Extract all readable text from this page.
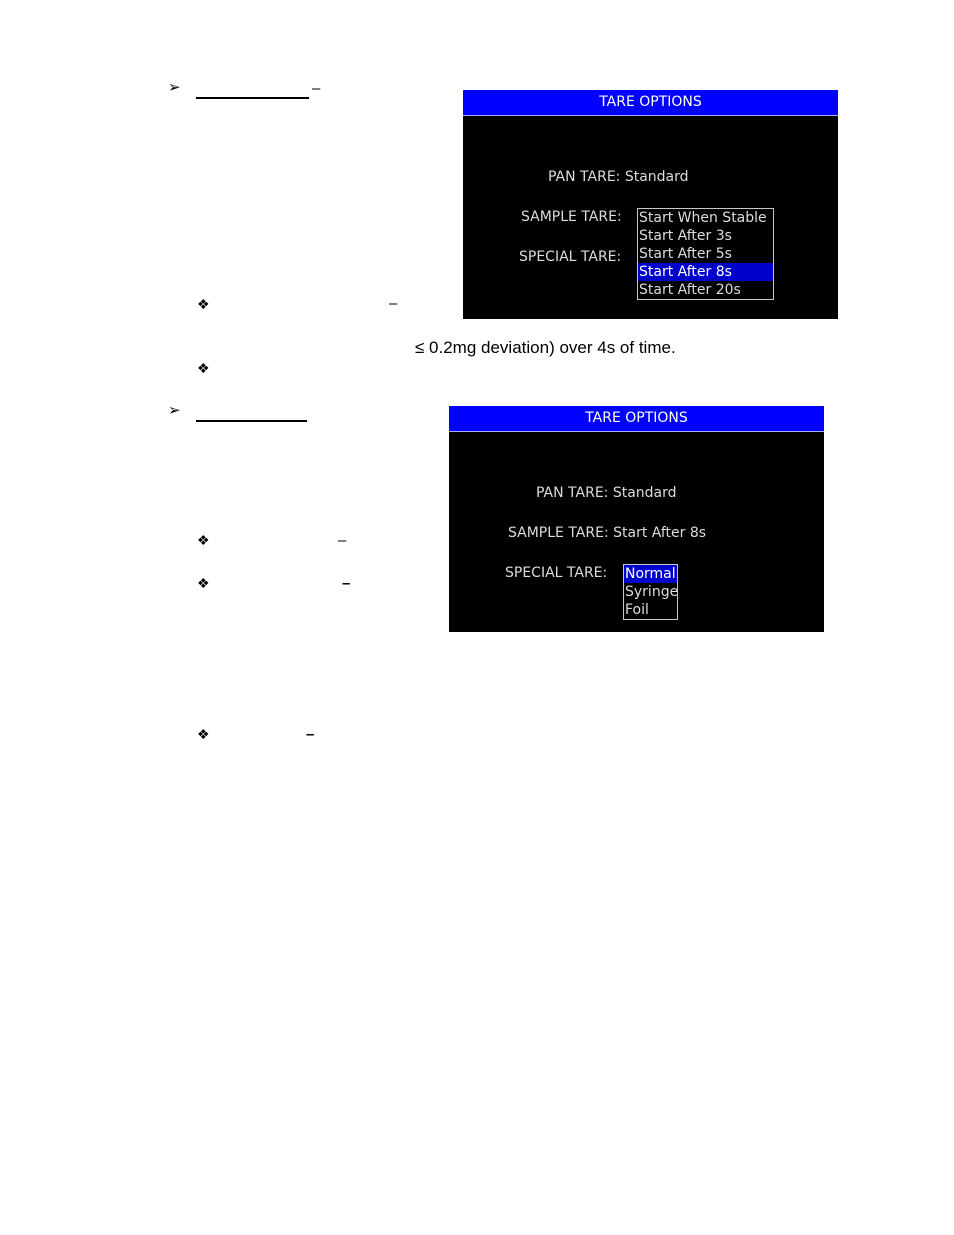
➢	–
❖	–
≤ 0.2mg deviation) over 4s of time.
❖
TARE OPTIONS
PAN TARE: Standard
SAMPLE TARE:
SPECIAL TARE:
Start When Stable
Start After 3s
Start After 5s
Start After 8s
Start After 20s
➢
❖	–
❖	–
❖	–
TARE OPTIONS
PAN TARE: Standard
SAMPLE TARE: Start After 8s
SPECIAL TARE: Normal
Syringe
Foil
